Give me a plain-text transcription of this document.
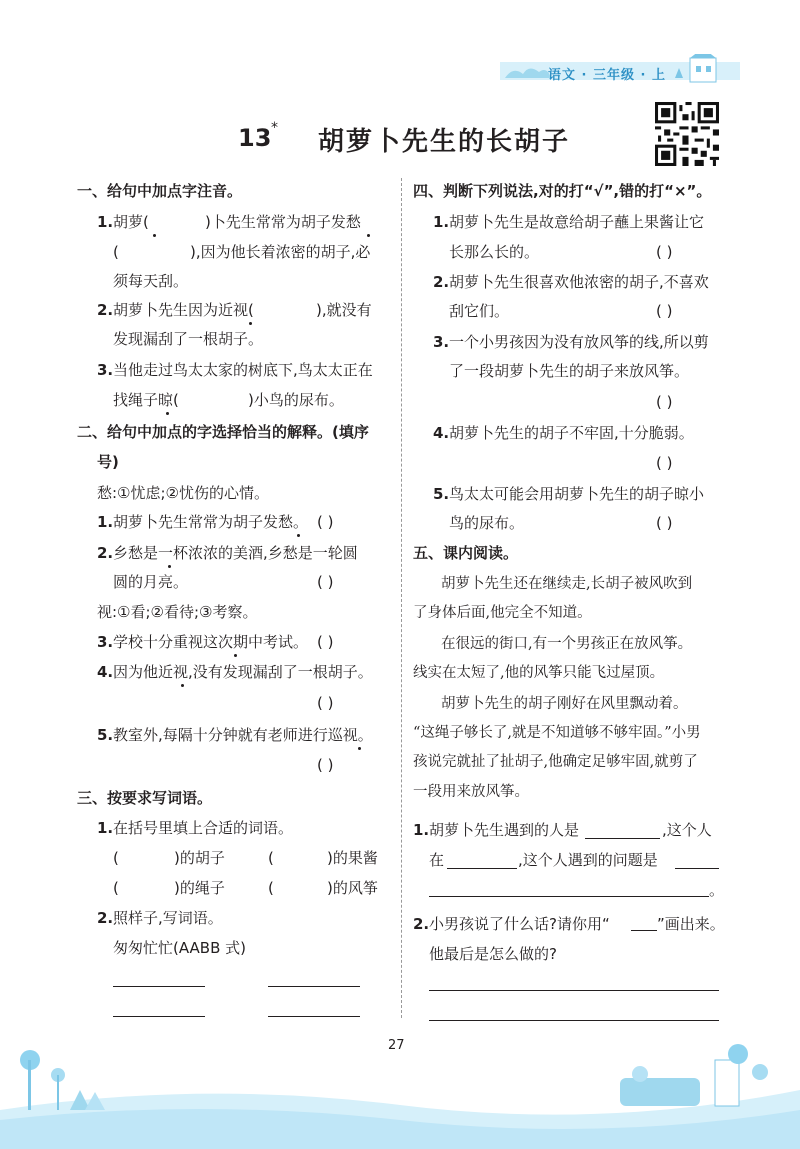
语文 · 三年级 · 上
13 * 胡萝卜先生的长胡子
一、给句中加点字注音。
1. 胡萝(	)卜先生常常为胡子发愁
(	),因为他长着浓密的胡子,必
须每天刮。
2. 胡萝卜先生因为近视(	),就没有
发现漏刮了一根胡子。
3. 当他走过鸟太太家的树底下,鸟太太正在
找绳子晾(	)小鸟的尿布。
二、给句中加点的字选择恰当的解释。(填序
号)
愁:①忧虑;②忧伤的心情。
1. 胡萝卜先生常常为胡子发愁。 ( )
2. 乡愁是一杯浓浓的美酒,乡愁是一轮圆
圆的月亮。	( )
视:①看;②看待;③考察。
3. 学校十分重视这次期中考试。 ( )
4. 因为他近视,没有发现漏刮了一根胡子。
( )
5. 教室外,每隔十分钟就有老师进行巡视。
( )
三、按要求写词语。
1. 在括号里填上合适的词语。
(	)的胡子	(	)的果酱
(	)的绳子	(	)的风筝
2. 照样子,写词语。
匆匆忙忙(AABB 式)
四、判断下列说法,对的打“√”,错的打“×”。
1. 胡萝卜先生是故意给胡子蘸上果酱让它
长那么长的。	( )
2. 胡萝卜先生很喜欢他浓密的胡子,不喜欢
刮它们。	( )
3. 一个小男孩因为没有放风筝的线,所以剪
了一段胡萝卜先生的胡子来放风筝。
( )
4. 胡萝卜先生的胡子不牢固,十分脆弱。
( )
5. 鸟太太可能会用胡萝卜先生的胡子晾小
鸟的尿布。	( )
五、课内阅读。
胡萝卜先生还在继续走,长胡子被风吹到
了身体后面,他完全不知道。
在很远的街口,有一个男孩正在放风筝。
线实在太短了,他的风筝只能飞过屋顶。
胡萝卜先生的胡子刚好在风里飘动着。
“这绳子够长了,就是不知道够不够牢固。”小男
孩说完就扯了扯胡子,他确定足够牢固,就剪了
一段用来放风筝。
1. 胡萝卜先生遇到的人是	,这个人
在	,这个人遇到的问题是
。
2. 小男孩说了什么话?请你用“	”画出来。
他最后是怎么做的?
27
